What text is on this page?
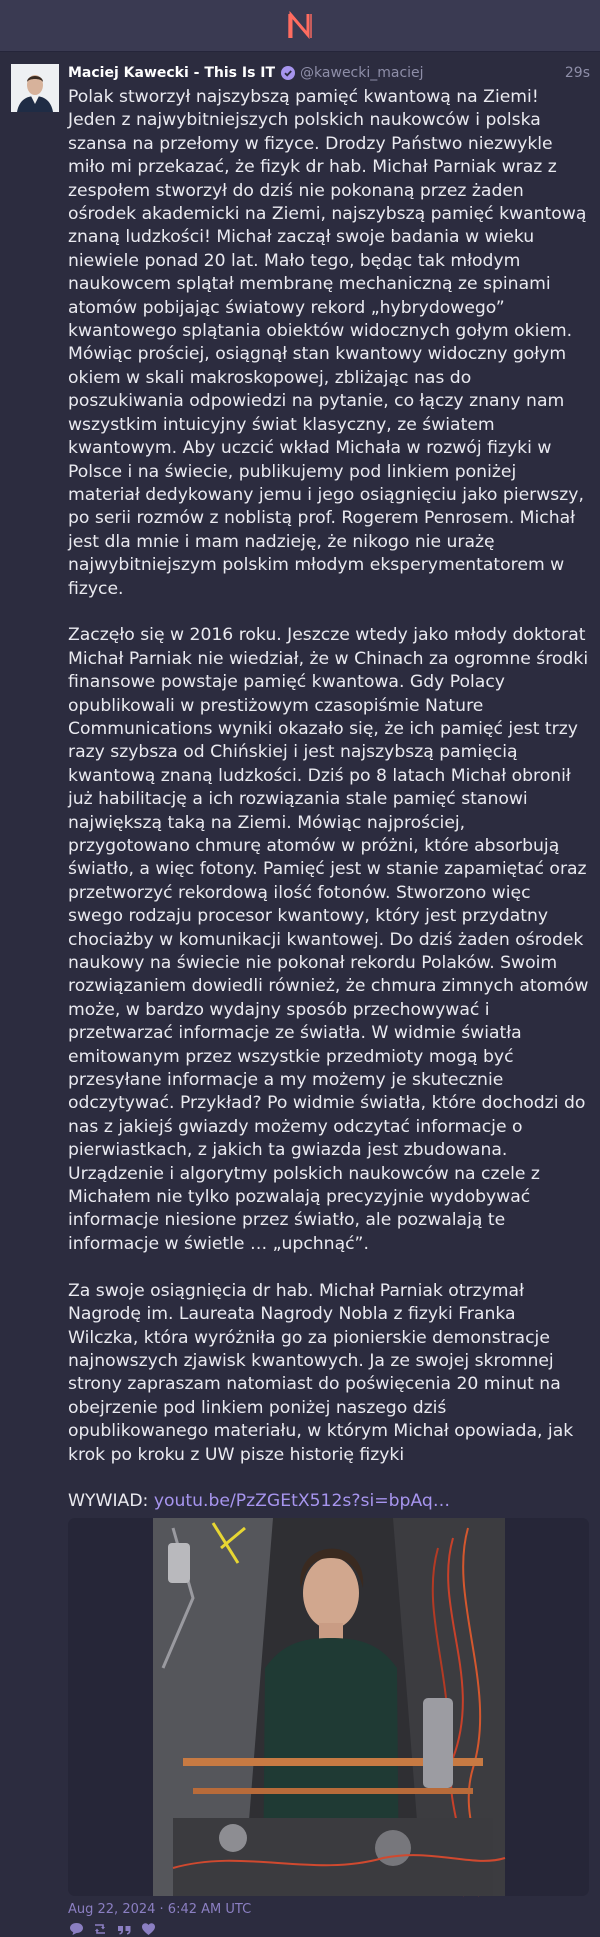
Maciej Kawecki - This Is IT @kawecki_maciej	29s

Polak stworzył najszybszą pamięć kwantową na Ziemi! Jeden z najwybitniejszych polskich naukowców i polska szansa na przełomy w fizyce. Drodzy Państwo niezwykle miło mi przekazać, że fizyk dr hab. Michał Parniak wraz z zespołem stworzył do dziś nie pokonaną przez żaden ośrodek akademicki na Ziemi, najszybszą pamięć kwantową znaną ludzkości! Michał zaczął swoje badania w wieku niewiele ponad 20 lat. Mało tego, będąc tak młodym naukowcem splątał membranę mechaniczną ze spinami atomów pobijając światowy rekord „hybrydowego” kwantowego splątania obiektów widocznych gołym okiem. Mówiąc prościej, osiągnął stan kwantowy widoczny gołym okiem w skali makroskopowej, zbliżając nas do poszukiwania odpowiedzi na pytanie, co łączy znany nam wszystkim intuicyjny świat klasyczny, ze światem kwantowym. Aby uczcić wkład Michała w rozwój fizyki w Polsce i na świecie, publikujemy pod linkiem poniżej materiał dedykowany jemu i jego osiągnięciu jako pierwszy, po serii rozmów z noblistą prof. Rogerem Penrosem. Michał jest dla mnie i mam nadzieję, że nikogo nie urażę najwybitniejszym polskim młodym eksperymentatorem w fizyce.

Zaczęło się w 2016 roku. Jeszcze wtedy jako młody doktorat Michał Parniak nie wiedział, że w Chinach za ogromne środki finansowe powstaje pamięć kwantowa. Gdy Polacy opublikowali w prestiżowym czasopiśmie Nature Communications wyniki okazało się, że ich pamięć jest trzy razy szybsza od Chińskiej i jest najszybszą pamięcią kwantową znaną ludzkości. Dziś po 8 latach Michał obronił już habilitację a ich rozwiązania stale pamięć stanowi największą taką na Ziemi. Mówiąc najprościej, przygotowano chmurę atomów w próżni, które absorbują światło, a więc fotony. Pamięć jest w stanie zapamiętać oraz przetworzyć rekordową ilość fotonów. Stworzono więc swego rodzaju procesor kwantowy, który jest przydatny chociażby w komunikacji kwantowej. Do dziś żaden ośrodek naukowy na świecie nie pokonał rekordu Polaków. Swoim rozwiązaniem dowiedli również, że chmura zimnych atomów może, w bardzo wydajny sposób przechowywać i przetwarzać informacje ze światła. W widmie światła emitowanym przez wszystkie przedmioty mogą być przesyłane informacje a my możemy je skutecznie odczytywać. Przykład? Po widmie światła, które dochodzi do nas z jakiejś gwiazdy możemy odczytać informacje o pierwiastkach, z jakich ta gwiazda jest zbudowana. Urządzenie i algorytmy polskich naukowców na czele z Michałem nie tylko pozwalają precyzyjnie wydobywać informacje niesione przez światło, ale pozwalają te informacje w świetle … „upchnąć”.

Za swoje osiągnięcia dr hab. Michał Parniak otrzymał Nagrodę im. Laureata Nagrody Nobla z fizyki Franka Wilczka, która wyróżniła go za pionierskie demonstracje najnowszych zjawisk kwantowych. Ja ze swojej skromnej strony zapraszam natomiast do poświęcenia 20 minut na obejrzenie pod linkiem poniżej naszego dziś opublikowanego materiału, w którym Michał opowiada, jak krok po kroku z UW pisze historię fizyki

WYWIAD: youtu.be/PzZGEtX512s?si=bpAq…

Aug 22, 2024 · 6:42 AM UTC
